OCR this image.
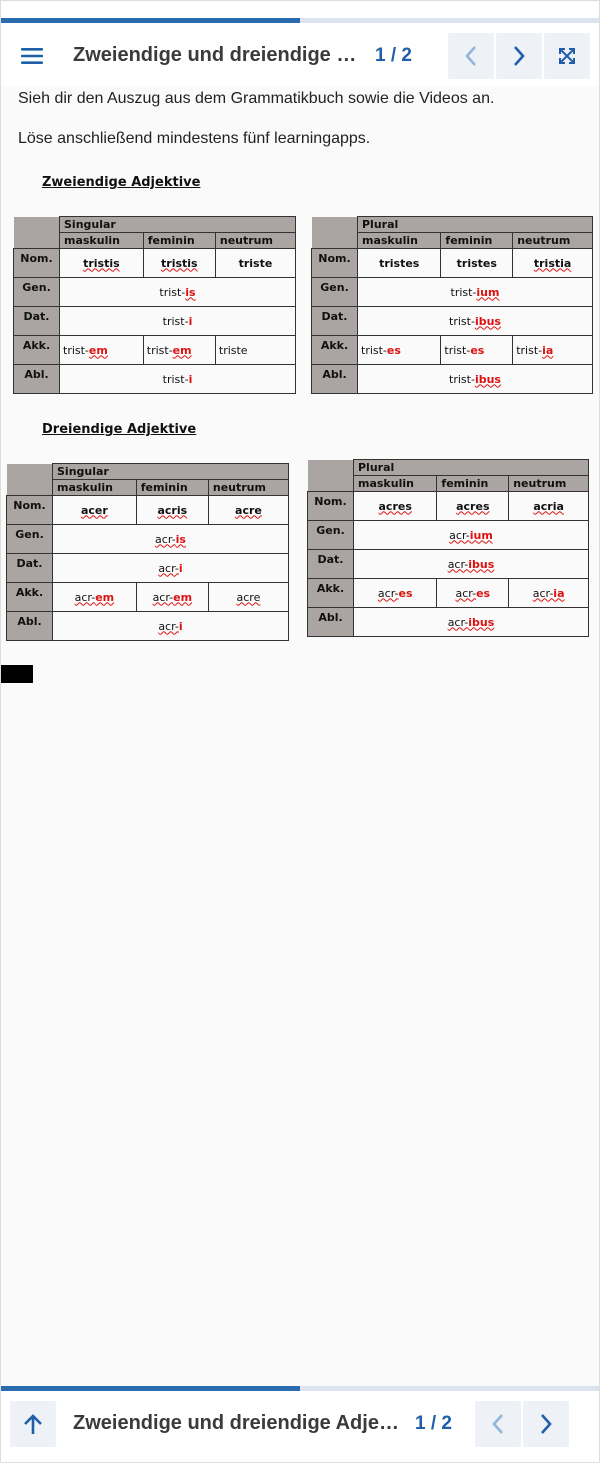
Zweiendige und dreiendige … 1 / 2
Sieh dir den Auszug aus dem Grammatikbuch sowie die Videos an.
Löse anschließend mindestens fünf learningapps.
Zweiendige Adjektive
	Singular		
	maskulin	feminin	neutrum
Nom.	tristis	tristis	triste
Gen.	trist-is		
Dat.	trist-i		
Akk.	trist-em	trist-em	triste
Abl.	trist-i		
	Plural		
	maskulin	feminin	neutrum
Nom.	tristes	tristes	tristia
Gen.	trist-ium		
Dat.	trist-ibus		
Akk.	trist-es	trist-es	trist-ia
Abl.	trist-ibus		
Dreiendige Adjektive
	Singular		
	maskulin	feminin	neutrum
Nom.	acer	acris	acre
Gen.	acr-is		
Dat.	acr-i		
Akk.	acr-em	acr-em	acre
Abl.	acr-i		
	Plural		
	maskulin	feminin	neutrum
Nom.	acres	acres	acria
Gen.	acr-ium		
Dat.	acr-ibus		
Akk.	acr-es	acr-es	acr-ia
Abl.	acr-ibus		
Zweiendige und dreiendige Adje… 1 / 2
